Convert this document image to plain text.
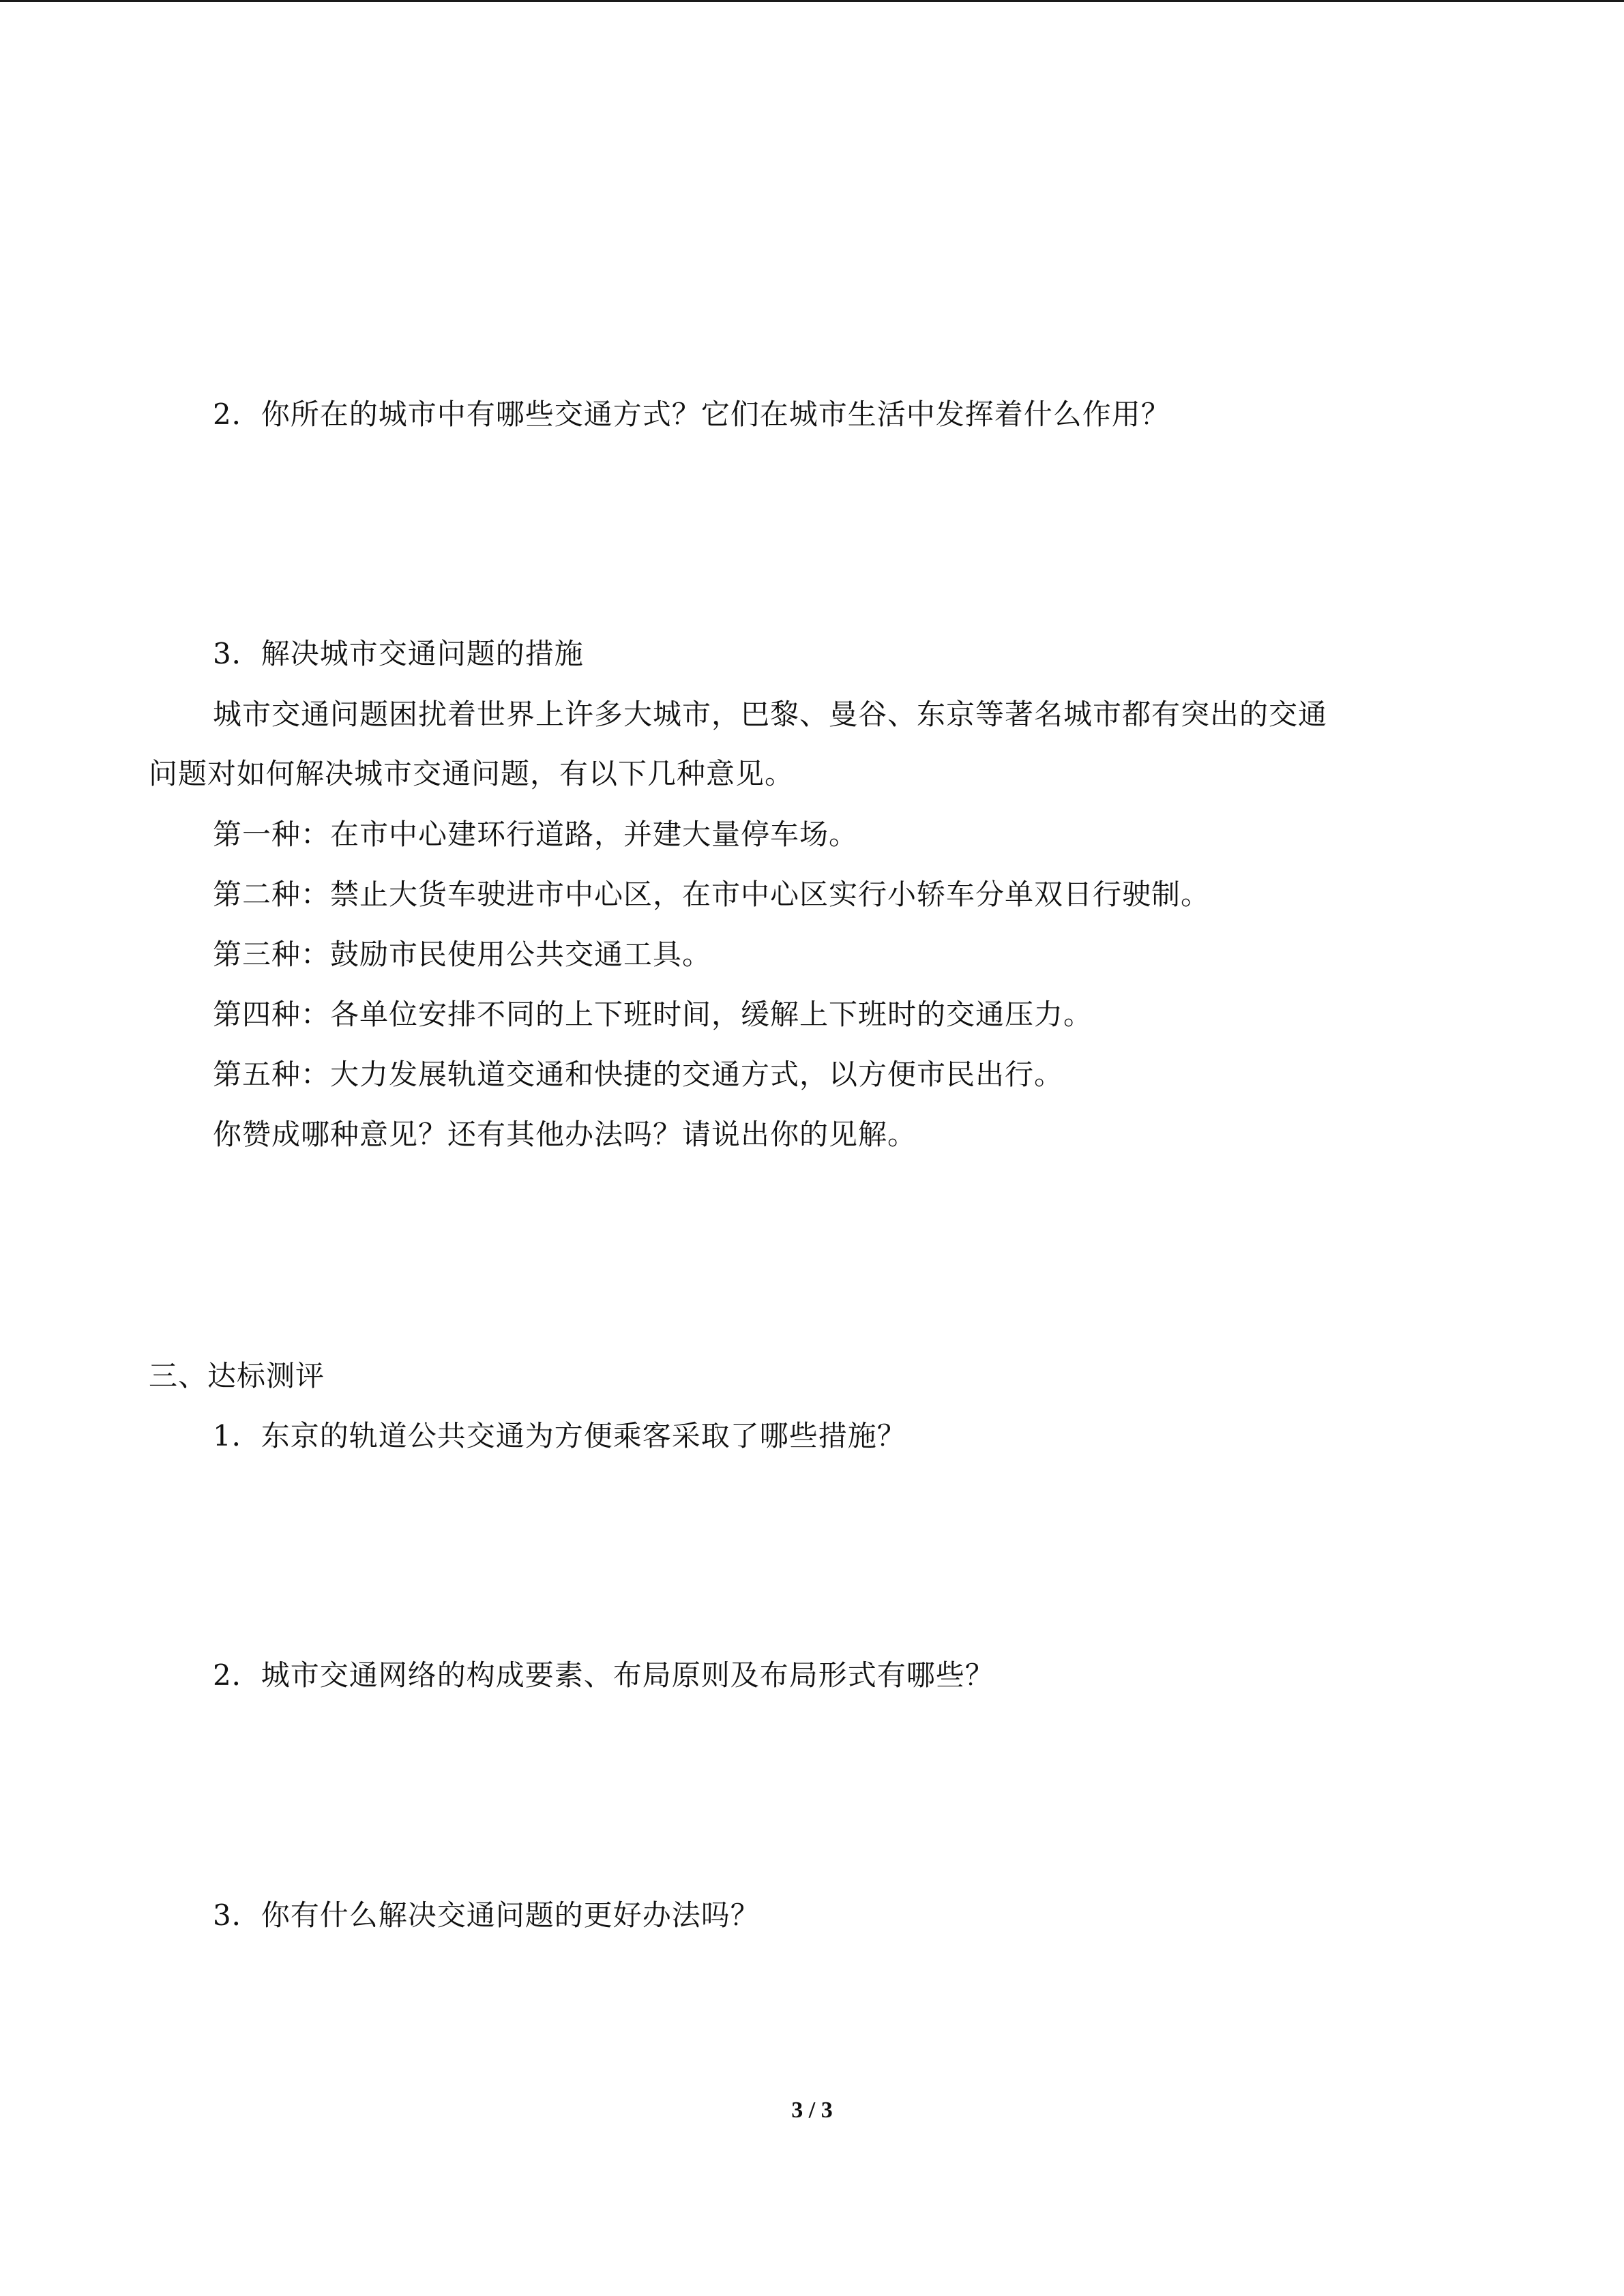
2．你所在的城市中有哪些交通方式？它们在城市生活中发挥着什么作用？

3．解决城市交通问题的措施

城市交通问题困扰着世界上许多大城市，巴黎、曼谷、东京等著名城市都有突出的交通

问题对如何解决城市交通问题，有以下几种意见。

第一种：在市中心建环行道路，并建大量停车场。

第二种：禁止大货车驶进市中心区，在市中心区实行小轿车分单双日行驶制。

第三种：鼓励市民使用公共交通工具。

第四种：各单位安排不同的上下班时间，缓解上下班时的交通压力。

第五种：大力发展轨道交通和快捷的交通方式，以方便市民出行。

你赞成哪种意见？还有其他办法吗？请说出你的见解。

三、达标测评

1．东京的轨道公共交通为方便乘客采取了哪些措施？

2．城市交通网络的构成要素、布局原则及布局形式有哪些？

3．你有什么解决交通问题的更好办法吗？

3 / 3
